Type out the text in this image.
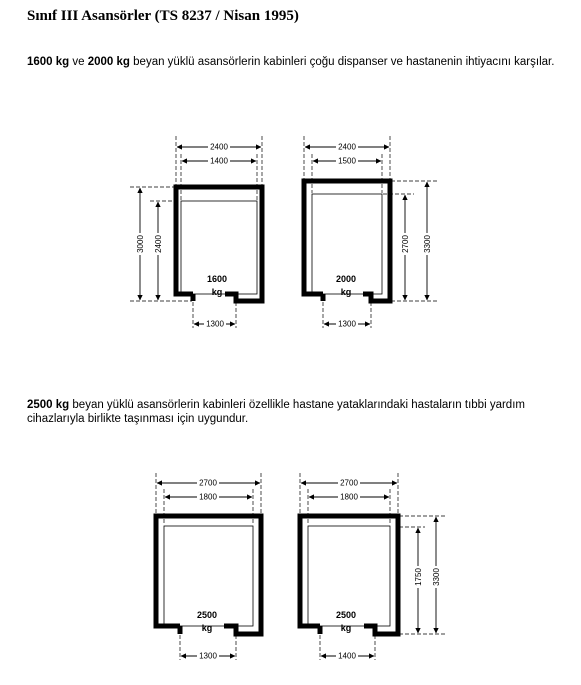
Sınıf III Asansörler (TS 8237 / Nisan 1995)
1600 kg ve 2000 kg beyan yüklü asansörlerin kabinleri çoğu dispanser ve hastanenin ihtiyacını karşılar.
2500 kg beyan yüklü asansörlerin kabinleri özellikle hastane yataklarındaki hastaların tıbbi yardım cihazlarıyla birlikte taşınması için uygundur.
2400
1400
1300
3000 2400
1600
kg
2400
1500
1300
2700 3300
2000
kg
2700
1800
1300
2500
kg
2700
1800
1400
1750 3300
2500
kg
